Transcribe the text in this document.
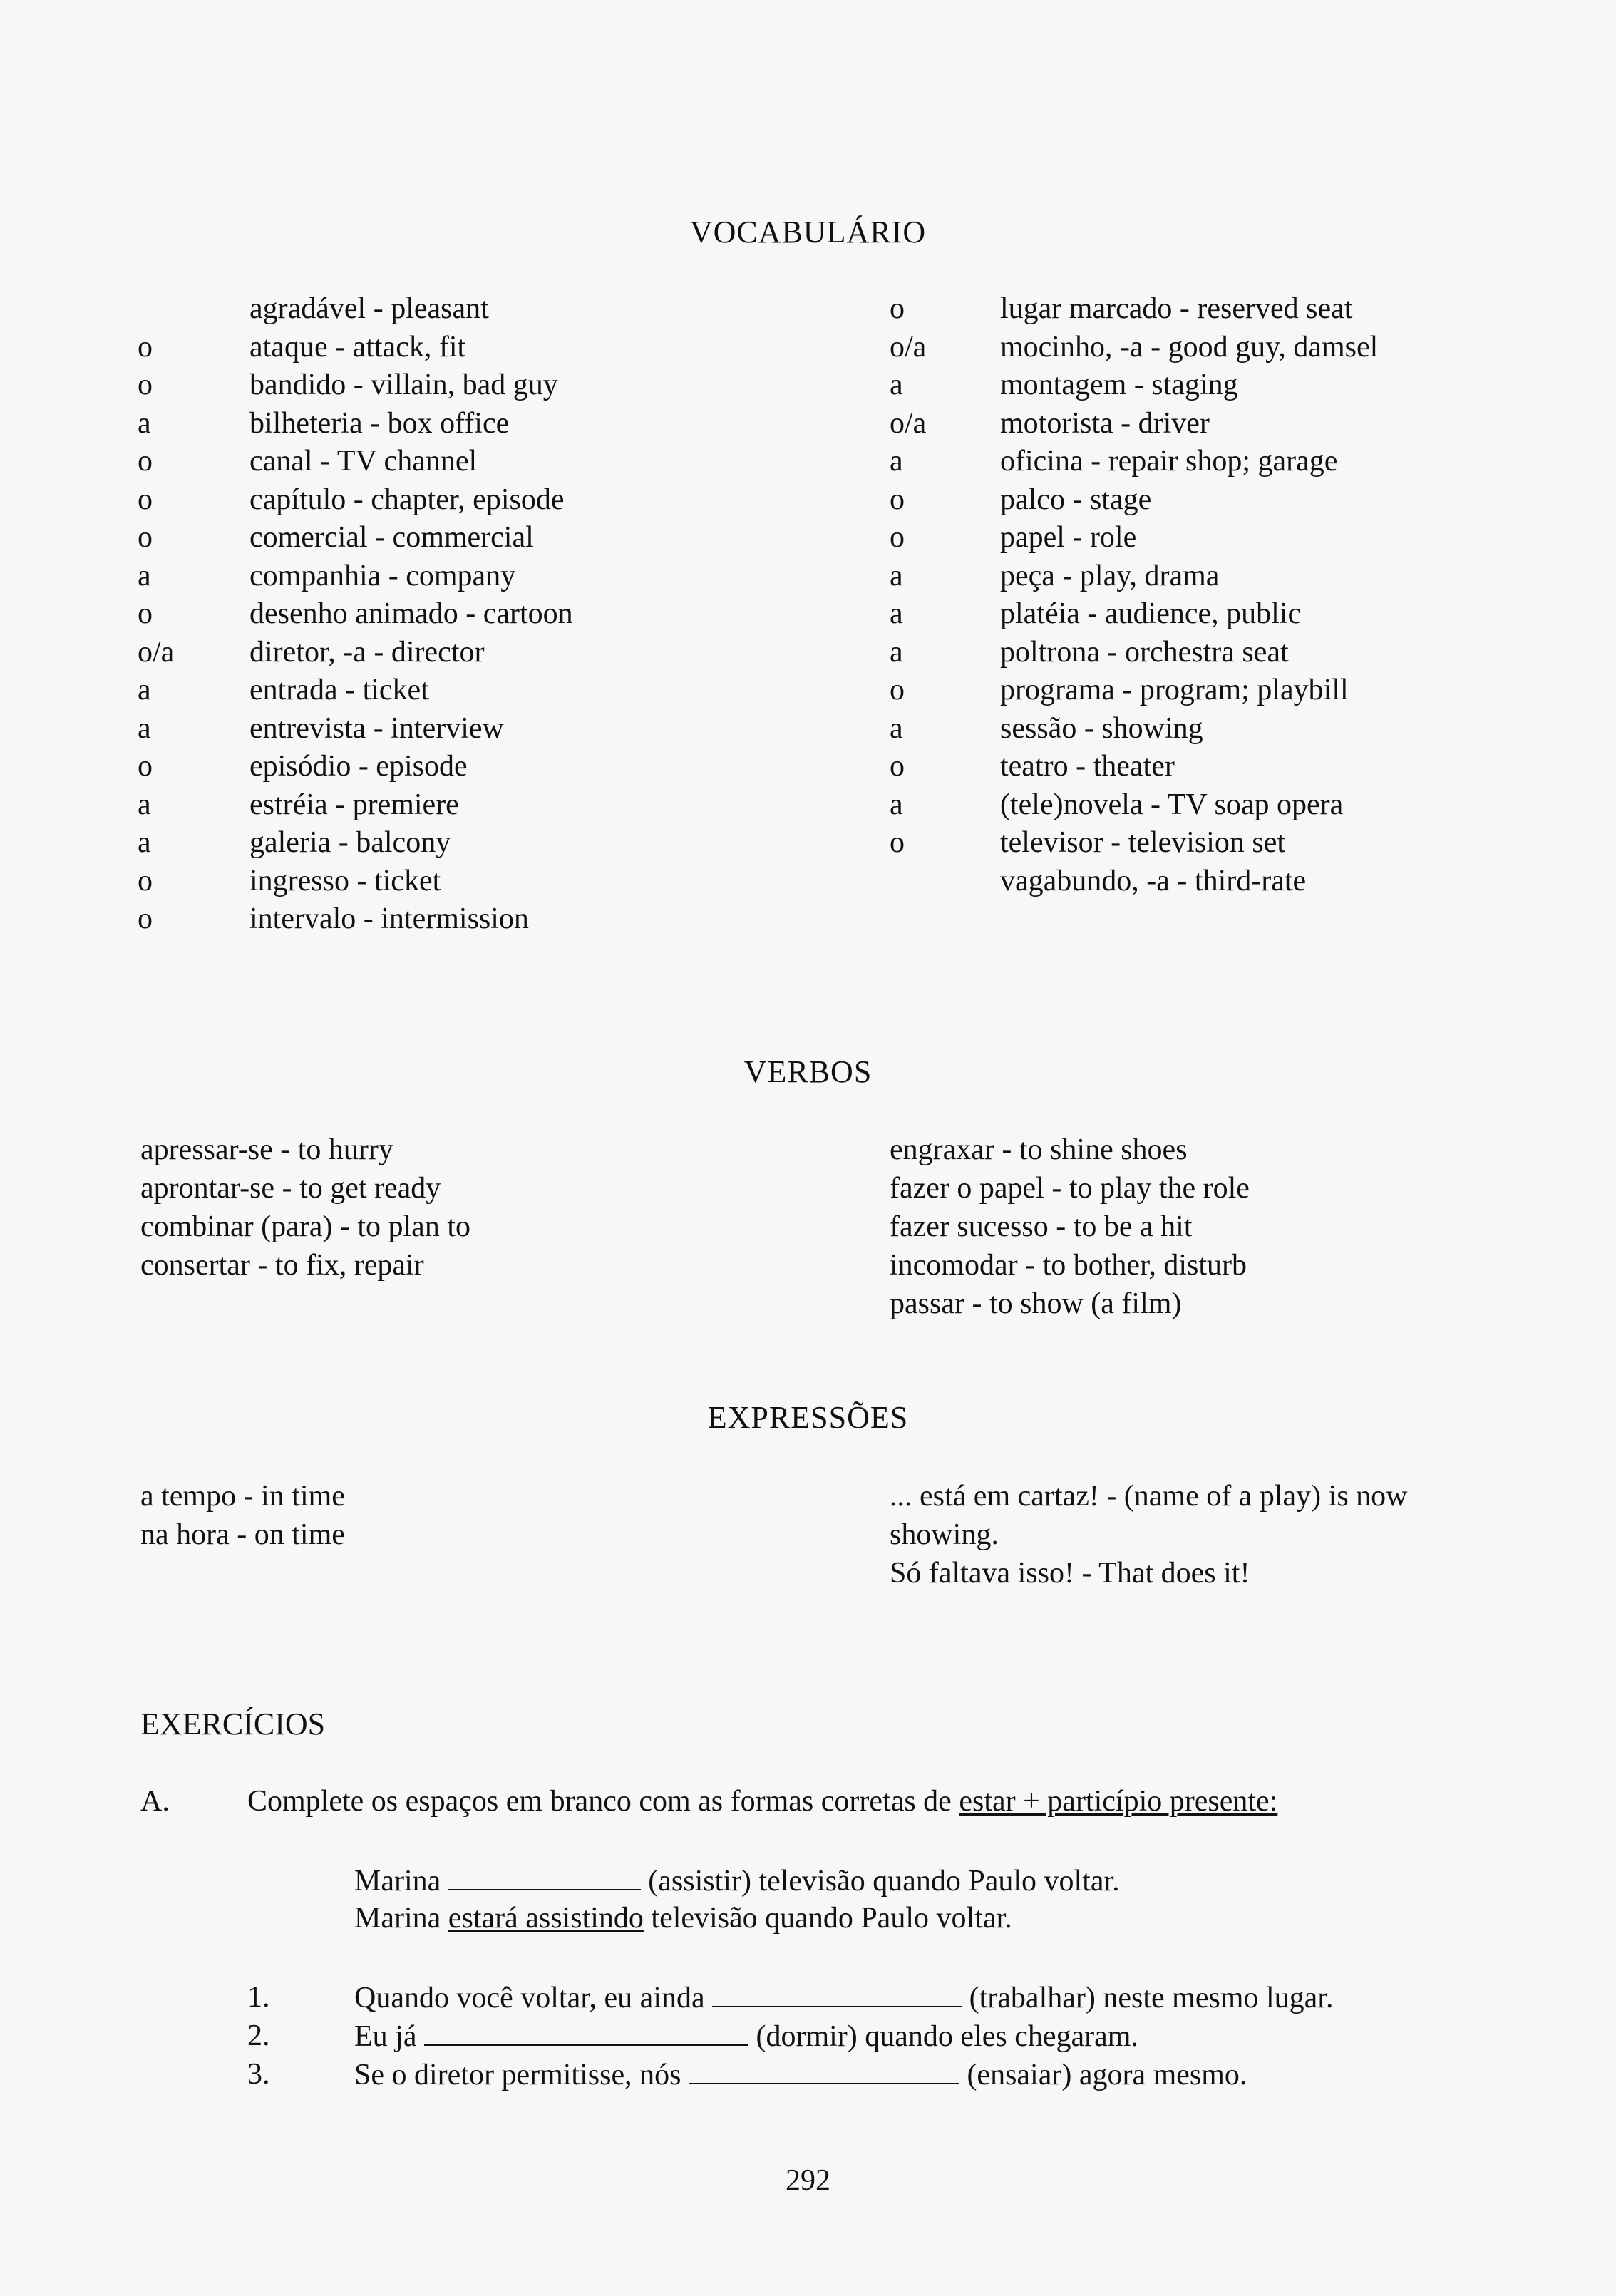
VOCABULÁRIO
agradável - pleasant
o	ataque - attack, fit
o	bandido - villain, bad guy
a	bilheteria - box office
o	canal - TV channel
o	capítulo - chapter, episode
o	comercial - commercial
a	companhia - company
o	desenho animado - cartoon
o/a	diretor, -a - director
a	entrada - ticket
a	entrevista - interview
o	episódio - episode
a	estréia - premiere
a	galeria - balcony
o	ingresso - ticket
o	intervalo - intermission
o	lugar marcado - reserved seat
o/a mocinho, -a - good guy, damsel
a	montagem - staging
o/a motorista - driver
a	oficina - repair shop; garage
o	palco - stage
o	papel - role
a	peça - play, drama
a	platéia - audience, public
a	poltrona - orchestra seat
o	programa - program; playbill
a	sessão - showing
o	teatro - theater
a	(tele)novela - TV soap opera
o	televisor - television set
vagabundo, -a - third-rate
VERBOS
apressar-se - to hurry
aprontar-se - to get ready
combinar (para) - to plan to
consertar - to fix, repair
engraxar - to shine shoes
fazer o papel - to play the role
fazer sucesso - to be a hit
incomodar - to bother, disturb
passar - to show (a film)
EXPRESSÕES
a tempo - in time
na hora - on time
... está em cartaz! - (name of a play) is now
showing.
Só faltava isso! - That does it!
EXERCÍCIOS
A.	Complete os espaços em branco com as formas corretas de estar + particípio presente:
Marina	(assistir) televisão quando Paulo voltar.
Marina estará assistindo televisão quando Paulo voltar.
1.	Quando você voltar, eu ainda	(trabalhar) neste mesmo lugar.
2.	Eu já	(dormir) quando eles chegaram.
3.	Se o diretor permitisse, nós	(ensaiar) agora mesmo.
292
